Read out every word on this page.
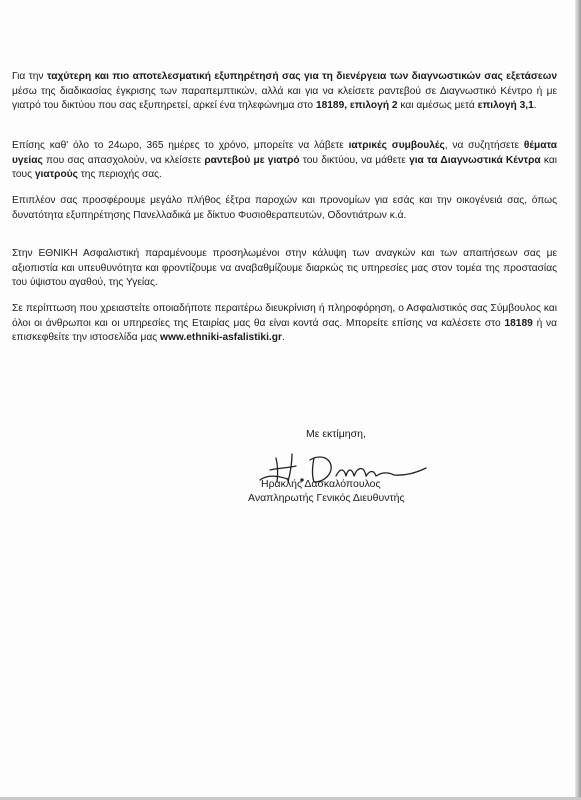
Για την ταχύτερη και πιο αποτελεσματική εξυπηρέτησή σας για τη διενέργεια των διαγνωστικών σας εξετάσεων μέσω της διαδικασίας έγκρισης των παραπεμπτικών, αλλά και για να κλείσετε ραντεβού σε Διαγνωστικό Κέντρο ή με γιατρό του δικτύου που σας εξυπηρετεί, αρκεί ένα τηλεφώνημα στο 18189, επιλογή 2 και αμέσως μετά επιλογή 3,1.

Επίσης καθ' όλο το 24ωρο, 365 ημέρες το χρόνο, μπορείτε να λάβετε ιατρικές συμβουλές, να συζητήσετε θέματα υγείας που σας απασχολούν, να κλείσετε ραντεβού με γιατρό του δικτύου, να μάθετε για τα Διαγνωστικά Κέντρα και τους γιατρούς της περιοχής σας.

Επιπλέον σας προσφέρουμε μεγάλο πλήθος έξτρα παροχών και προνομίων για εσάς και την οικογένειά σας, όπως δυνατότητα εξυπηρέτησης Πανελλαδικά με δίκτυο Φυσιοθεραπευτών, Οδοντιάτρων κ.ά.

Στην ΕΘΝΙΚΗ Ασφαλιστική παραμένουμε προσηλωμένοι στην κάλυψη των αναγκών και των απαιτήσεων σας με αξιοπιστία και υπευθυνότητα και φροντίζουμε να αναβαθμίζουμε διαρκώς τις υπηρεσίες μας στον τομέα της προστασίας του ύψιστου αγαθού, της Υγείας.

Σε περίπτωση που χρειαστείτε οποιαδήποτε περαιτέρω διευκρίνιση ή πληροφόρηση, ο Ασφαλιστικός σας Σύμβουλος και όλοι οι άνθρωποι και οι υπηρεσίες της Εταιρίας μας θα είναι κοντά σας. Μπορείτε επίσης να καλέσετε στο 18189 ή να επισκεφθείτε την ιστοσελίδα μας www.ethniki-asfalistiki.gr.

Με εκτίμηση,
Ηρακλής Δασκαλόπουλος
Αναπληρωτής Γενικός Διευθυντής
